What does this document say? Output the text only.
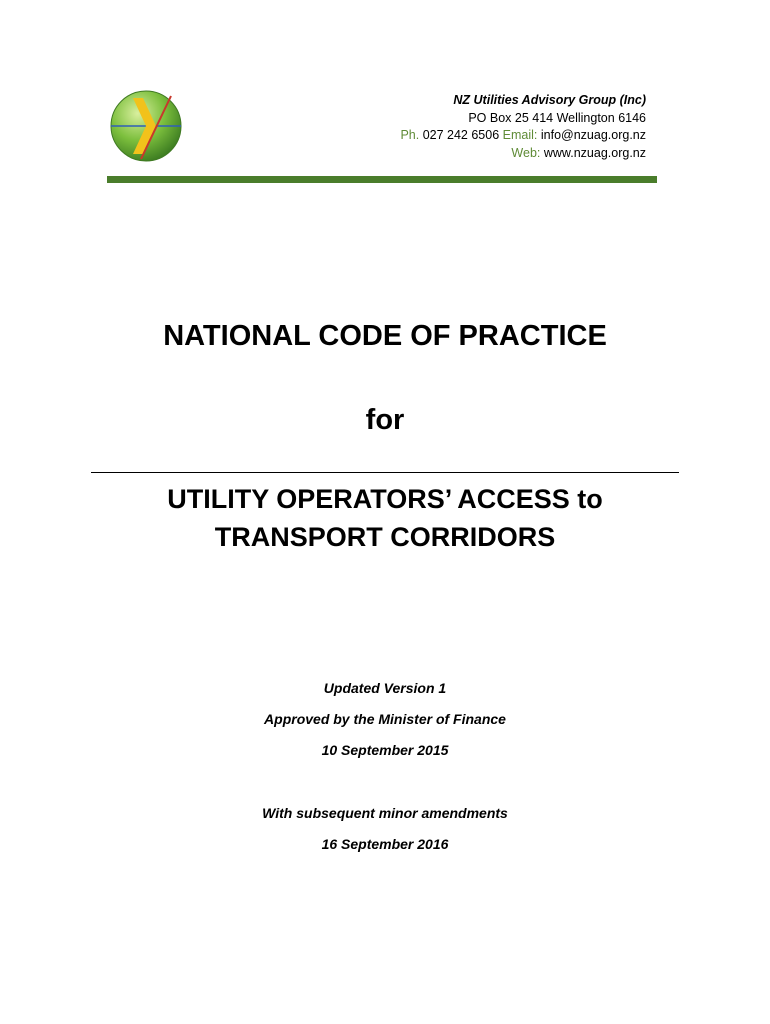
NZ Utilities Advisory Group (Inc)
PO Box 25 414 Wellington 6146
Ph. 027 242 6506 Email: info@nzuag.org.nz
Web: www.nzuag.org.nz
NATIONAL CODE OF PRACTICE
for
UTILITY OPERATORS’ ACCESS to
TRANSPORT CORRIDORS
Updated Version 1
Approved by the Minister of Finance
10 September 2015
With subsequent minor amendments
16 September 2016
